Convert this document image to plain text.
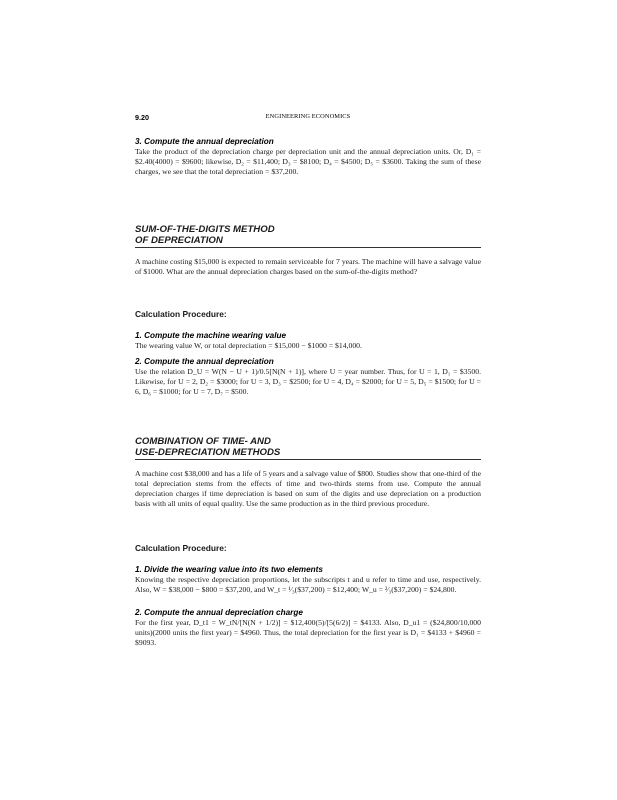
9.20	ENGINEERING ECONOMICS
3. Compute the annual depreciation
Take the product of the depreciation charge per depreciation unit and the annual depreciation units. Or, D₁ = $2.40(4000) = $9600; likewise, D₂ = $11,400; D₃ = $8100; D₄ = $4500; D₅ = $3600. Taking the sum of these charges, we see that the total depreciation = $37,200.
SUM-OF-THE-DIGITS METHOD
OF DEPRECIATION
A machine costing $15,000 is expected to remain serviceable for 7 years. The machine will have a salvage value of $1000. What are the annual depreciation charges based on the sum-of-the-digits method?
Calculation Procedure:
1. Compute the machine wearing value
The wearing value W, or total depreciation = $15,000 − $1000 = $14,000.
2. Compute the annual depreciation
Use the relation D_U = W(N − U + 1)/0.5[N(N + 1)], where U = year number. Thus, for U = 1, D₁ = $3500. Likewise, for U = 2, D₂ = $3000; for U = 3, D₃ = $2500; for U = 4, D₄ = $2000; for U = 5, D₅ = $1500; for U = 6, D₆ = $1000; for U = 7, D₇ = $500.
COMBINATION OF TIME- AND
USE-DEPRECIATION METHODS
A machine cost $38,000 and has a life of 5 years and a salvage value of $800. Studies show that one-third of the total depreciation stems from the effects of time and two-thirds stems from use. Compute the annual depreciation charges if time depreciation is based on sum of the digits and use depreciation on a production basis with all units of equal quality. Use the same production as in the third previous procedure.
Calculation Procedure:
1. Divide the wearing value into its two elements
Knowing the respective depreciation proportions, let the subscripts t and u refer to time and use, respectively. Also, W = $38,000 − $800 = $37,200, and W_t = ¹⁄₃($37,200) = $12,400; W_u = ²⁄₃($37,200) = $24,800.
2. Compute the annual depreciation charge
For the first year, D_t1 = W_tN/[N(N + 1/2)] = $12,400(5)/[5(6/2)] = $4133. Also, D_u1 = ($24,800/10,000 units)(2000 units the first year) = $4960. Thus, the total depreciation for the first year is D₁ = $4133 + $4960 = $9093.
